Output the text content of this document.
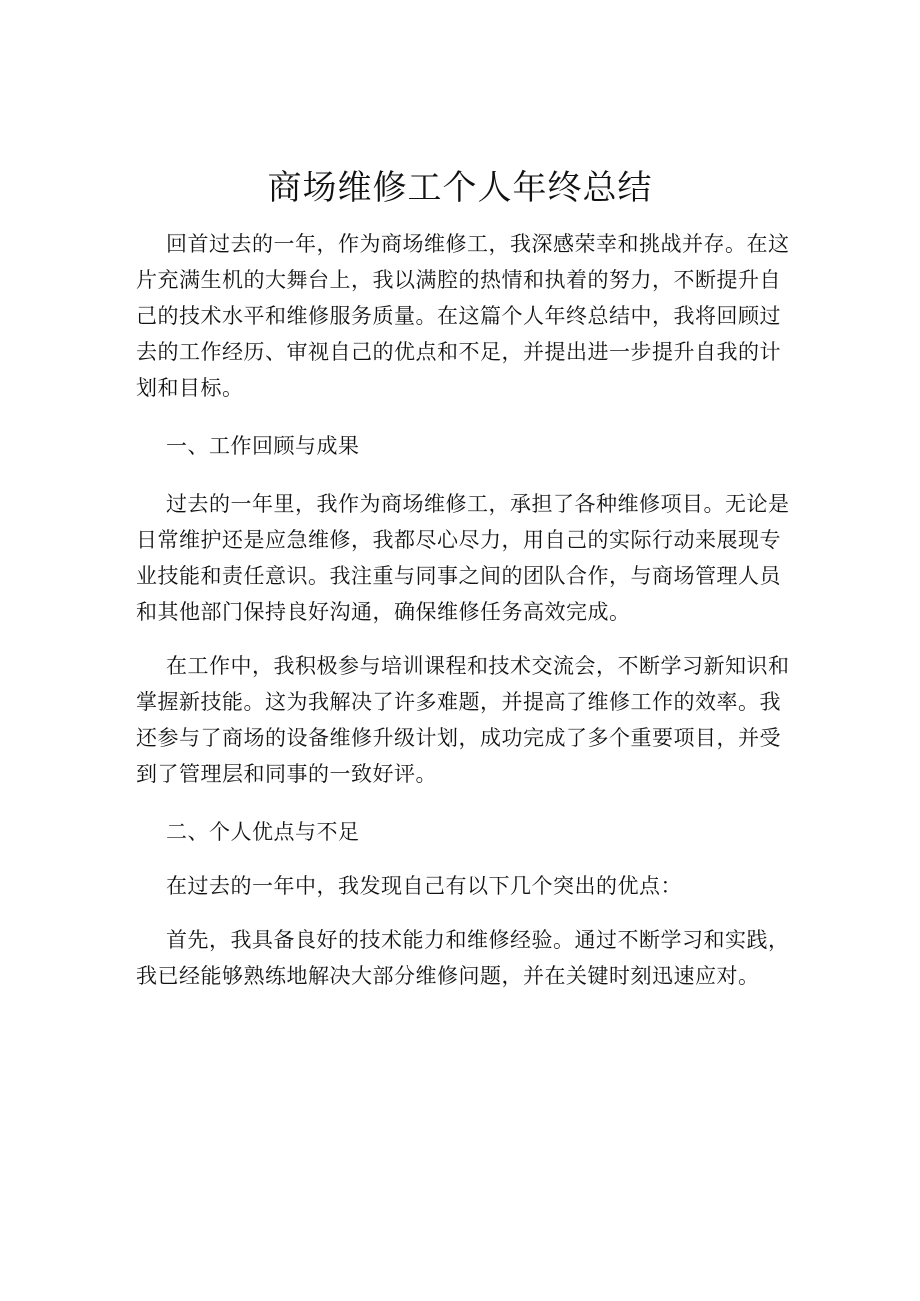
商场维修工个人年终总结

回首过去的一年，作为商场维修工，我深感荣幸和挑战并存。在这片充满生机的大舞台上，我以满腔的热情和执着的努力，不断提升自己的技术水平和维修服务质量。在这篇个人年终总结中，我将回顾过去的工作经历、审视自己的优点和不足，并提出进一步提升自我的计划和目标。

一、工作回顾与成果

过去的一年里，我作为商场维修工，承担了各种维修项目。无论是日常维护还是应急维修，我都尽心尽力，用自己的实际行动来展现专业技能和责任意识。我注重与同事之间的团队合作，与商场管理人员和其他部门保持良好沟通，确保维修任务高效完成。

在工作中，我积极参与培训课程和技术交流会，不断学习新知识和掌握新技能。这为我解决了许多难题，并提高了维修工作的效率。我还参与了商场的设备维修升级计划，成功完成了多个重要项目，并受到了管理层和同事的一致好评。

二、个人优点与不足

在过去的一年中，我发现自己有以下几个突出的优点：

首先，我具备良好的技术能力和维修经验。通过不断学习和实践，我已经能够熟练地解决大部分维修问题，并在关键时刻迅速应对。
